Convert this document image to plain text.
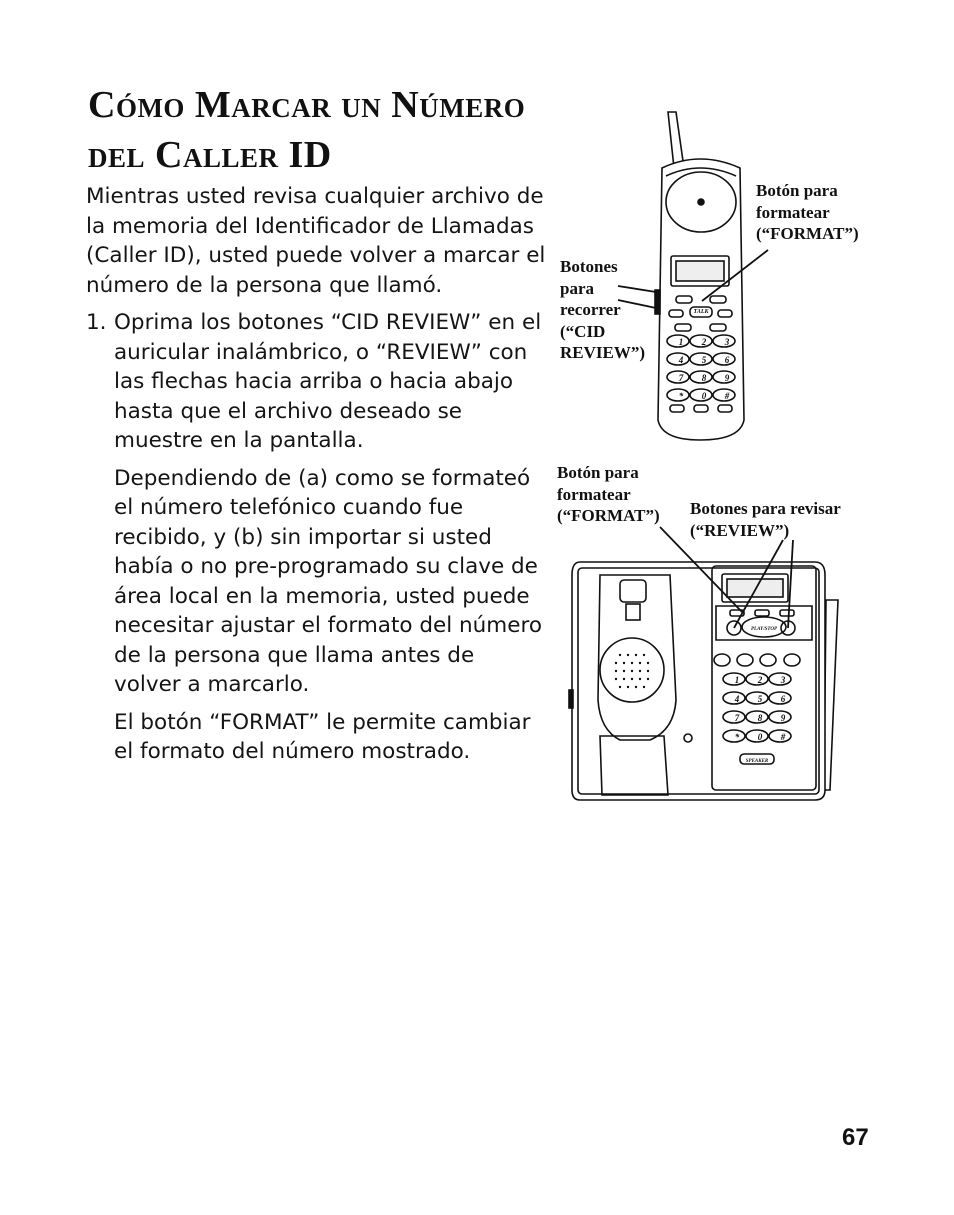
Cómo Marcar un Número
del Caller ID

Mientras usted revisa cualquier archivo de la memoria del Identificador de Llamadas (Caller ID), usted puede volver a marcar el número de la persona que llamó.

1. Oprima los botones “CID REVIEW” en el auricular inalámbrico, o “REVIEW” con las flechas hacia arriba o hacia abajo hasta que el archivo deseado se muestre en la pantalla.

Dependiendo de (a) como se formateó el número telefónico cuando fue recibido, y (b) sin importar si usted había o no pre-programado su clave de área local en la memoria, usted puede necesitar ajustar el formato del número de la persona que llama antes de volver a marcarlo.

El botón “FORMAT” le permite cambiar el formato del número mostrado.

TALK
1 2 3
4 5 6
7 8 9
* 0 #
PLAY/STOP
SPEAKER
1 2 3
4 5 6
7 8 9
* 0 #

Botón para formatear (“FORMAT”)

Botones para recorrer (“CID REVIEW”)

Botón para formatear (“FORMAT”)	Botones para revisar (“REVIEW”)

67
